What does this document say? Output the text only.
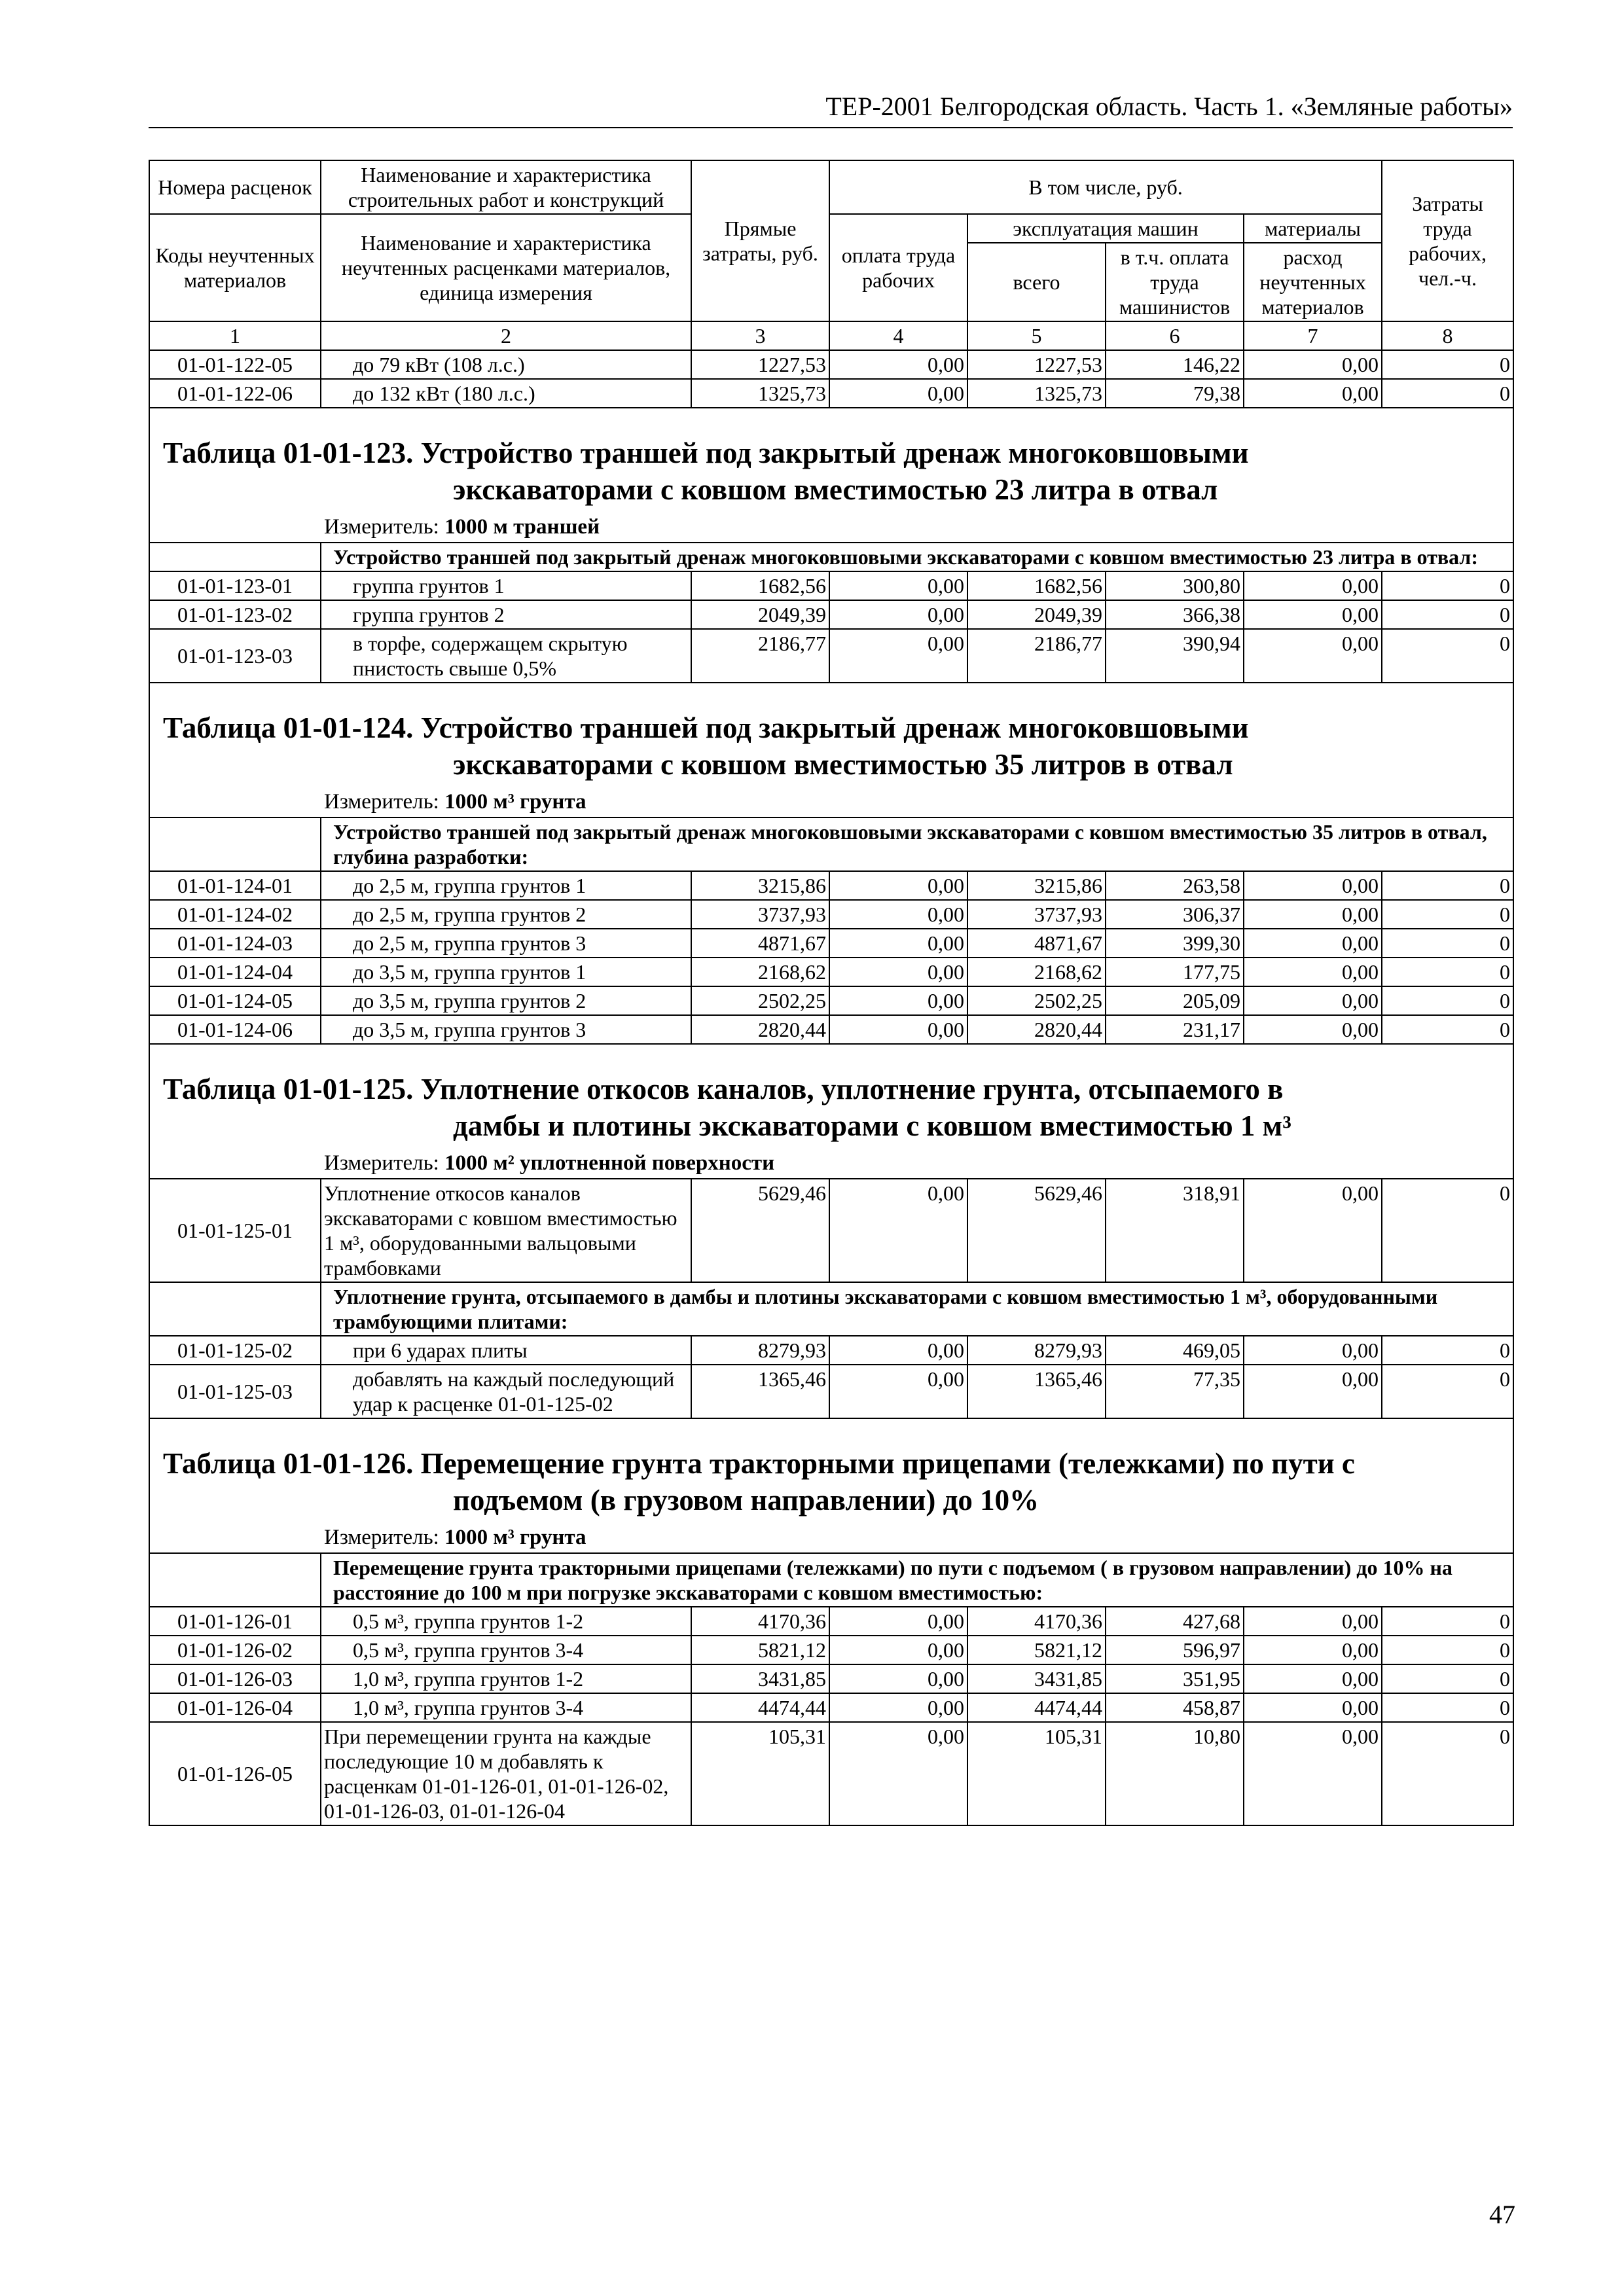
ТЕР-2001 Белгородская область. Часть 1. «Земляные работы»
Номера расценок	Наименование и характеристика строительных работ и конструкций	Прямые затраты, руб.	В том числе, руб.				Затраты труда рабочих, чел.-ч.
Коды неучтенных материалов	Наименование и характеристика неучтенных расценками материалов, единица измерения		оплата труда рабочих	эксплуатация машин		материалы	
				всего	в т.ч. оплата труда машинистов	расход неучтенных материалов	
1	2	3	4	5	6	7	8
01-01-122-05	до 79 кВт (108 л.с.)	1227,53	0,00	1227,53	146,22	0,00	0
01-01-122-06	до 132 кВт (180 л.с.)	1325,73	0,00	1325,73	79,38	0,00	0
Таблица 01-01-123. Устройство траншей под закрытый дренаж многоковшовыми
экскаваторами с ковшом вместимостью 23 литра в отвал							

Измеритель: 1000 м траншей							
	Устройство траншей под закрытый дренаж многоковшовыми экскаваторами с ковшом вместимостью 23 литра в отвал:						
01-01-123-01	группа грунтов 1	1682,56	0,00	1682,56	300,80	0,00	0
01-01-123-02	группа грунтов 2	2049,39	0,00	2049,39	366,38	0,00	0
01-01-123-03	в торфе, содержащем скрытую пнистость свыше 0,5%	2186,77	0,00	2186,77	390,94	0,00	0
Таблица 01-01-124. Устройство траншей под закрытый дренаж многоковшовыми
экскаваторами с ковшом вместимостью 35 литров в отвал							

Измеритель: 1000 м³ грунта							
	Устройство траншей под закрытый дренаж многоковшовыми экскаваторами с ковшом вместимостью 35 литров в отвал, глубина разработки:						
01-01-124-01	до 2,5 м, группа грунтов 1	3215,86	0,00	3215,86	263,58	0,00	0
01-01-124-02	до 2,5 м, группа грунтов 2	3737,93	0,00	3737,93	306,37	0,00	0
01-01-124-03	до 2,5 м, группа грунтов 3	4871,67	0,00	4871,67	399,30	0,00	0
01-01-124-04	до 3,5 м, группа грунтов 1	2168,62	0,00	2168,62	177,75	0,00	0
01-01-124-05	до 3,5 м, группа грунтов 2	2502,25	0,00	2502,25	205,09	0,00	0
01-01-124-06	до 3,5 м, группа грунтов 3	2820,44	0,00	2820,44	231,17	0,00	0
Таблица 01-01-125. Уплотнение откосов каналов, уплотнение грунта, отсыпаемого в
дамбы и плотины экскаваторами с ковшом вместимостью 1 м³							

Измеритель: 1000 м² уплотненной поверхности							
01-01-125-01	Уплотнение откосов каналов экскаваторами с ковшом вместимостью 1 м³, оборудованными вальцовыми трамбовками	5629,46	0,00	5629,46	318,91	0,00	0
	Уплотнение грунта, отсыпаемого в дамбы и плотины экскаваторами с ковшом вместимостью 1 м³, оборудованными трамбующими плитами:						
01-01-125-02	при 6 ударах плиты	8279,93	0,00	8279,93	469,05	0,00	0
01-01-125-03	добавлять на каждый последующий удар к расценке 01-01-125-02	1365,46	0,00	1365,46	77,35	0,00	0
Таблица 01-01-126. Перемещение грунта тракторными прицепами (тележками) по пути с
подъемом (в грузовом направлении) до 10%							

Измеритель: 1000 м³ грунта							
	Перемещение грунта тракторными прицепами (тележками) по пути с подъемом ( в грузовом направлении) до 10% на расстояние до 100 м при погрузке экскаваторами с ковшом вместимостью:						
01-01-126-01	0,5 м³, группа грунтов 1-2	4170,36	0,00	4170,36	427,68	0,00	0
01-01-126-02	0,5 м³, группа грунтов 3-4	5821,12	0,00	5821,12	596,97	0,00	0
01-01-126-03	1,0 м³, группа грунтов 1-2	3431,85	0,00	3431,85	351,95	0,00	0
01-01-126-04	1,0 м³, группа грунтов 3-4	4474,44	0,00	4474,44	458,87	0,00	0
01-01-126-05	При перемещении грунта на каждые последующие 10 м добавлять к расценкам 01-01-126-01, 01-01-126-02, 01-01-126-03, 01-01-126-04	105,31	0,00	105,31	10,80	0,00	0
47
